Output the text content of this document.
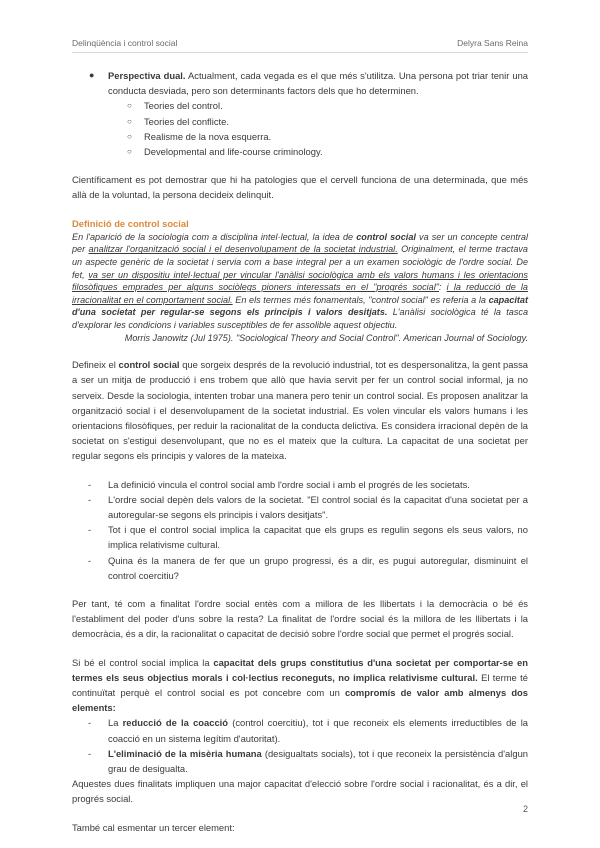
Delinqüència i control social	Delyra Sans Reina
● Perspectiva dual. Actualment, cada vegada es el que més s'utilitza. Una persona pot triar tenir una conducta desviada, pero son determinants factors dels que ho determinen.
○ Teories del control.
○ Teories del conflicte.
○ Realisme de la nova esquerra.
○ Developmental and life-course criminology.

Científicament es pot demostrar que hi ha patologies que el cervell funciona de una determinada, que més allà de la voluntad, la persona decideix delinquit.

Definició de control social

En l'aparició de la sociologia com a disciplina intel·lectual, la idea de control social va ser un concepte central per analitzar l'organització social i el desenvolupament de la societat industrial. Originalment, el terme tractava un aspecte genèric de la societat i servia com a base integral per a un examen sociològic de l'ordre social. De fet, va ser un dispositiu intel·lectual per vincular l'anàlisi sociològica amb els valors humans i les orientacions filosòfiques emprades per alguns sociòlegs pioners interessats en el "progrés social": i la reducció de la irracionalitat en el comportament social. En els termes més fonamentals, "control social" es referia a la capacitat d'una societat per regular-se segons els principis i valors desitjats. L'anàlisi sociològica té la tasca d'explorar les condicions i variables susceptibles de fer assolible aquest objectiu.

Morris Janowitz (Jul 1975). "Sociological Theory and Social Control". American Journal of Sociology.

Defineix el control social que sorgeix després de la revolució industrial, tot es despersonalitza, la gent passa a ser un mitja de producció i ens trobem que allò que havia servit per fer un control social informal, ja no serveix. Desde la sociologia, intenten trobar una manera pero tenir un control social. Es proposen analitzar la organització social i el desenvolupament de la societat industrial. Es volen vincular els valors humans i les orientacions filosòfiques, per reduir la racionalitat de la conducta delictiva. Es considera irracional depèn de la societat on s'estigui desenvolupant, que no es el mateix que la cultura. La capacitat de una societat per regular segons els principis y valores de la mateixa.

- La definició vincula el control social amb l'ordre social i amb el progrés de les societats.
- L'ordre social depèn dels valors de la societat. "El control social és la capacitat d'una societat per a autoregular-se segons els principis i valors desitjats".
- Tot i que el control social implica la capacitat que els grups es regulin segons els seus valors, no implica relativisme cultural.
- Quina és la manera de fer que un grupo progressi, és a dir, es pugui autoregular, disminuint el control coercitiu?

Per tant, té com a finalitat l'ordre social entès com a millora de les llibertats i la democràcia o bé és l'establiment del poder d'uns sobre la resta? La finalitat de l'ordre social és la millora de les llibertats i la democràcia, és a dir, la racionalitat o capacitat de decisió sobre l'ordre social que permet el progrés social.

Si bé el control social implica la capacitat dels grups constitutius d'una societat per comportar-se en termes els seus objectius morals i col·lectius reconeguts, no implica relativisme cultural. El terme té continuïtat perquè el control social es pot concebre com un compromís de valor amb almenys dos elements:

- La reducció de la coacció (control coercitiu), tot i que reconeix els elements irreductibles de la coacció en un sistema legítim d'autoritat).
- L'eliminació de la misèria humana (desigualtats socials), tot i que reconeix la persistència d'algun grau de desigualta.

Aquestes dues finalitats impliquen una major capacitat d'elecció sobre l'ordre social i racionalitat, és a dir, el progrés social.

També cal esmentar un tercer element:

2
